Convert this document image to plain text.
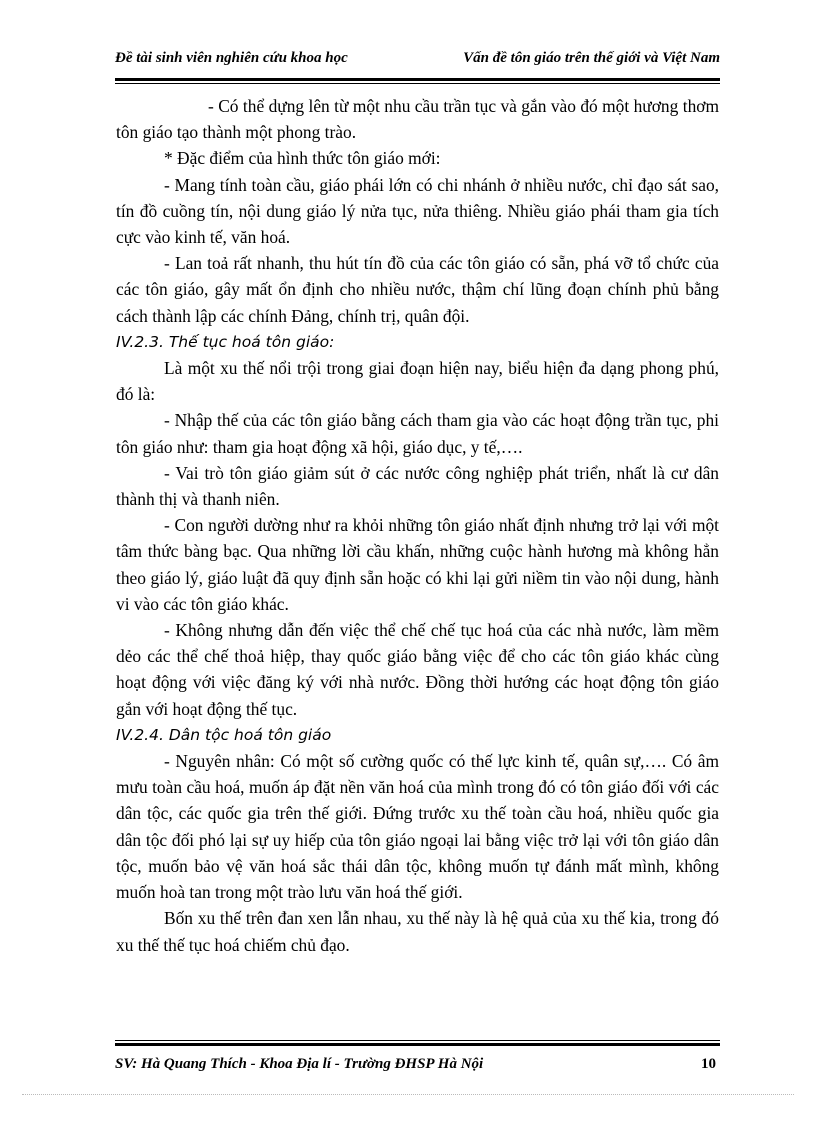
Đề tài sinh viên nghiên cứu khoa học	Vấn đề tôn giáo trên thế giới và Việt Nam

- Có thể dựng lên từ một nhu cầu trần tục và gắn vào đó một hương thơm tôn giáo tạo thành một phong trào.

* Đặc điểm của hình thức tôn giáo mới:

- Mang tính toàn cầu, giáo phái lớn có chi nhánh ở nhiều nước, chỉ đạo sát sao, tín đồ cuồng tín, nội dung giáo lý nửa tục, nửa thiêng. Nhiều giáo phái tham gia tích cực vào kinh tế, văn hoá.

- Lan toả rất nhanh, thu hút tín đồ của các tôn giáo có sẵn, phá vỡ tổ chức của các tôn giáo, gây mất ổn định cho nhiều nước, thậm chí lũng đoạn chính phủ bằng cách thành lập các chính Đảng, chính trị, quân đội.

IV.2.3. Thế tục hoá tôn giáo:

Là một xu thế nổi trội trong giai đoạn hiện nay, biểu hiện đa dạng phong phú, đó là:

- Nhập thế của các tôn giáo bằng cách tham gia vào các hoạt động trần tục, phi tôn giáo như: tham gia hoạt động xã hội, giáo dục, y tế,….

- Vai trò tôn giáo giảm sút ở các nước công nghiệp phát triển, nhất là cư dân thành thị và thanh niên.

- Con người dường như ra khỏi những tôn giáo nhất định nhưng trở lại với một tâm thức bàng bạc. Qua những lời cầu khấn, những cuộc hành hương mà không hẳn theo giáo lý, giáo luật đã quy định sẵn hoặc có khi lại gửi niềm tin vào nội dung, hành vi vào các tôn giáo khác.

- Không nhưng dẫn đến việc thể chế chế tục hoá của các nhà nước, làm mềm dẻo các thể chế thoả hiệp, thay quốc giáo bằng việc để cho các tôn giáo khác cùng hoạt động với việc đăng ký với nhà nước. Đồng thời hướng các hoạt động tôn giáo gắn với hoạt động thế tục.

IV.2.4. Dân tộc hoá tôn giáo

- Nguyên nhân: Có một số cường quốc có thế lực kinh tế, quân sự,…. Có âm mưu toàn cầu hoá, muốn áp đặt nền văn hoá của mình trong đó có tôn giáo đối với các dân tộc, các quốc gia trên thế giới. Đứng trước xu thế toàn cầu hoá, nhiều quốc gia dân tộc đối phó lại sự uy hiếp của tôn giáo ngoại lai bằng việc trở lại với tôn giáo dân tộc, muốn bảo vệ văn hoá sắc thái dân tộc, không muốn tự đánh mất mình, không muốn hoà tan trong một trào lưu văn hoá thế giới.

Bốn xu thế trên đan xen lẫn nhau, xu thế này là hệ quả của xu thế kia, trong đó xu thế thế tục hoá chiếm chủ đạo.

SV: Hà Quang Thích - Khoa Địa lí - Trường ĐHSP Hà Nội	10
